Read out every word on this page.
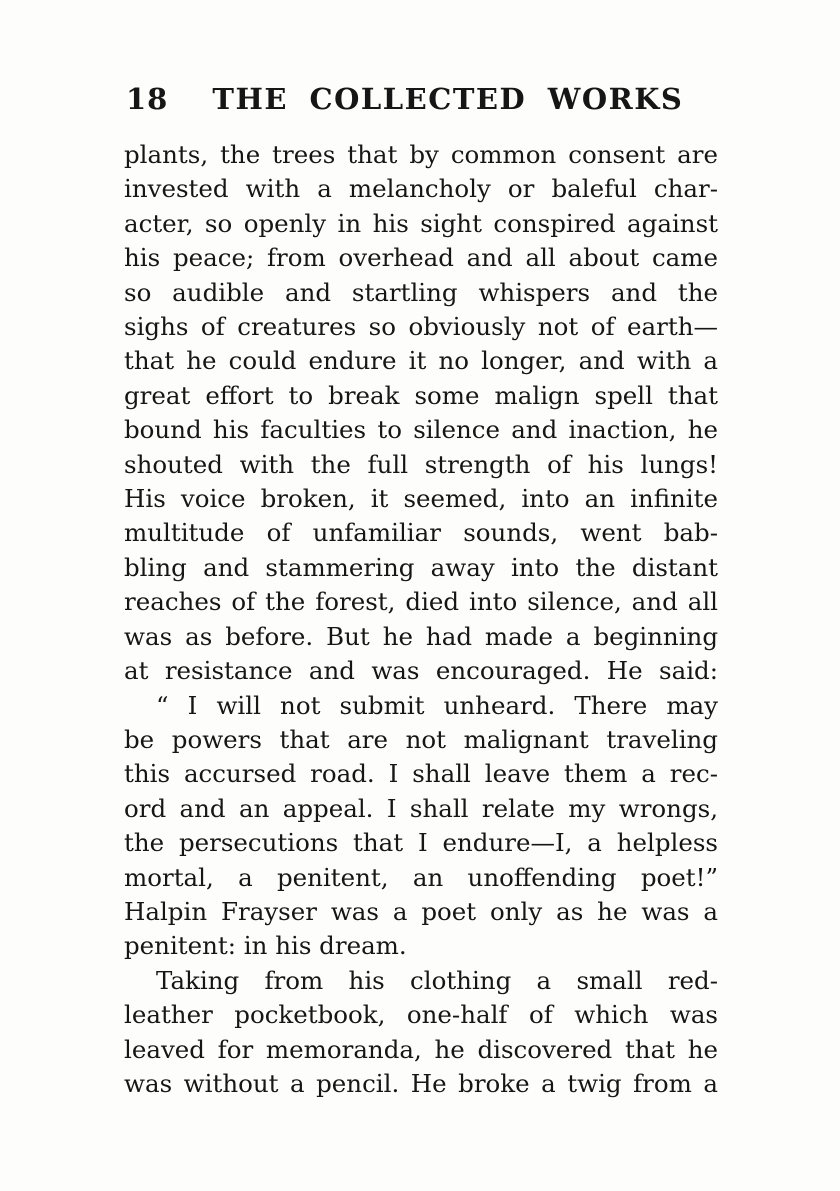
18 THE COLLECTED WORKS
plants, the trees that by common consent are
invested with a melancholy or baleful char-
acter, so openly in his sight conspired against
his peace; from overhead and all about came
so audible and startling whispers and the
sighs of creatures so obviously not of earth—
that he could endure it no longer, and with a
great effort to break some malign spell that
bound his faculties to silence and inaction, he
shouted with the full strength of his lungs!
His voice broken, it seemed, into an infinite
multitude of unfamiliar sounds, went bab-
bling and stammering away into the distant
reaches of the forest, died into silence, and all
was as before. But he had made a beginning
at resistance and was encouraged. He said:
“ I will not submit unheard. There may
be powers that are not malignant traveling
this accursed road. I shall leave them a rec-
ord and an appeal. I shall relate my wrongs,
the persecutions that I endure—I, a helpless
mortal, a penitent, an unoffending poet!”
Halpin Frayser was a poet only as he was a
penitent: in his dream.
Taking from his clothing a small red-
leather pocketbook, one-half of which was
leaved for memoranda, he discovered that he
was without a pencil. He broke a twig from a
